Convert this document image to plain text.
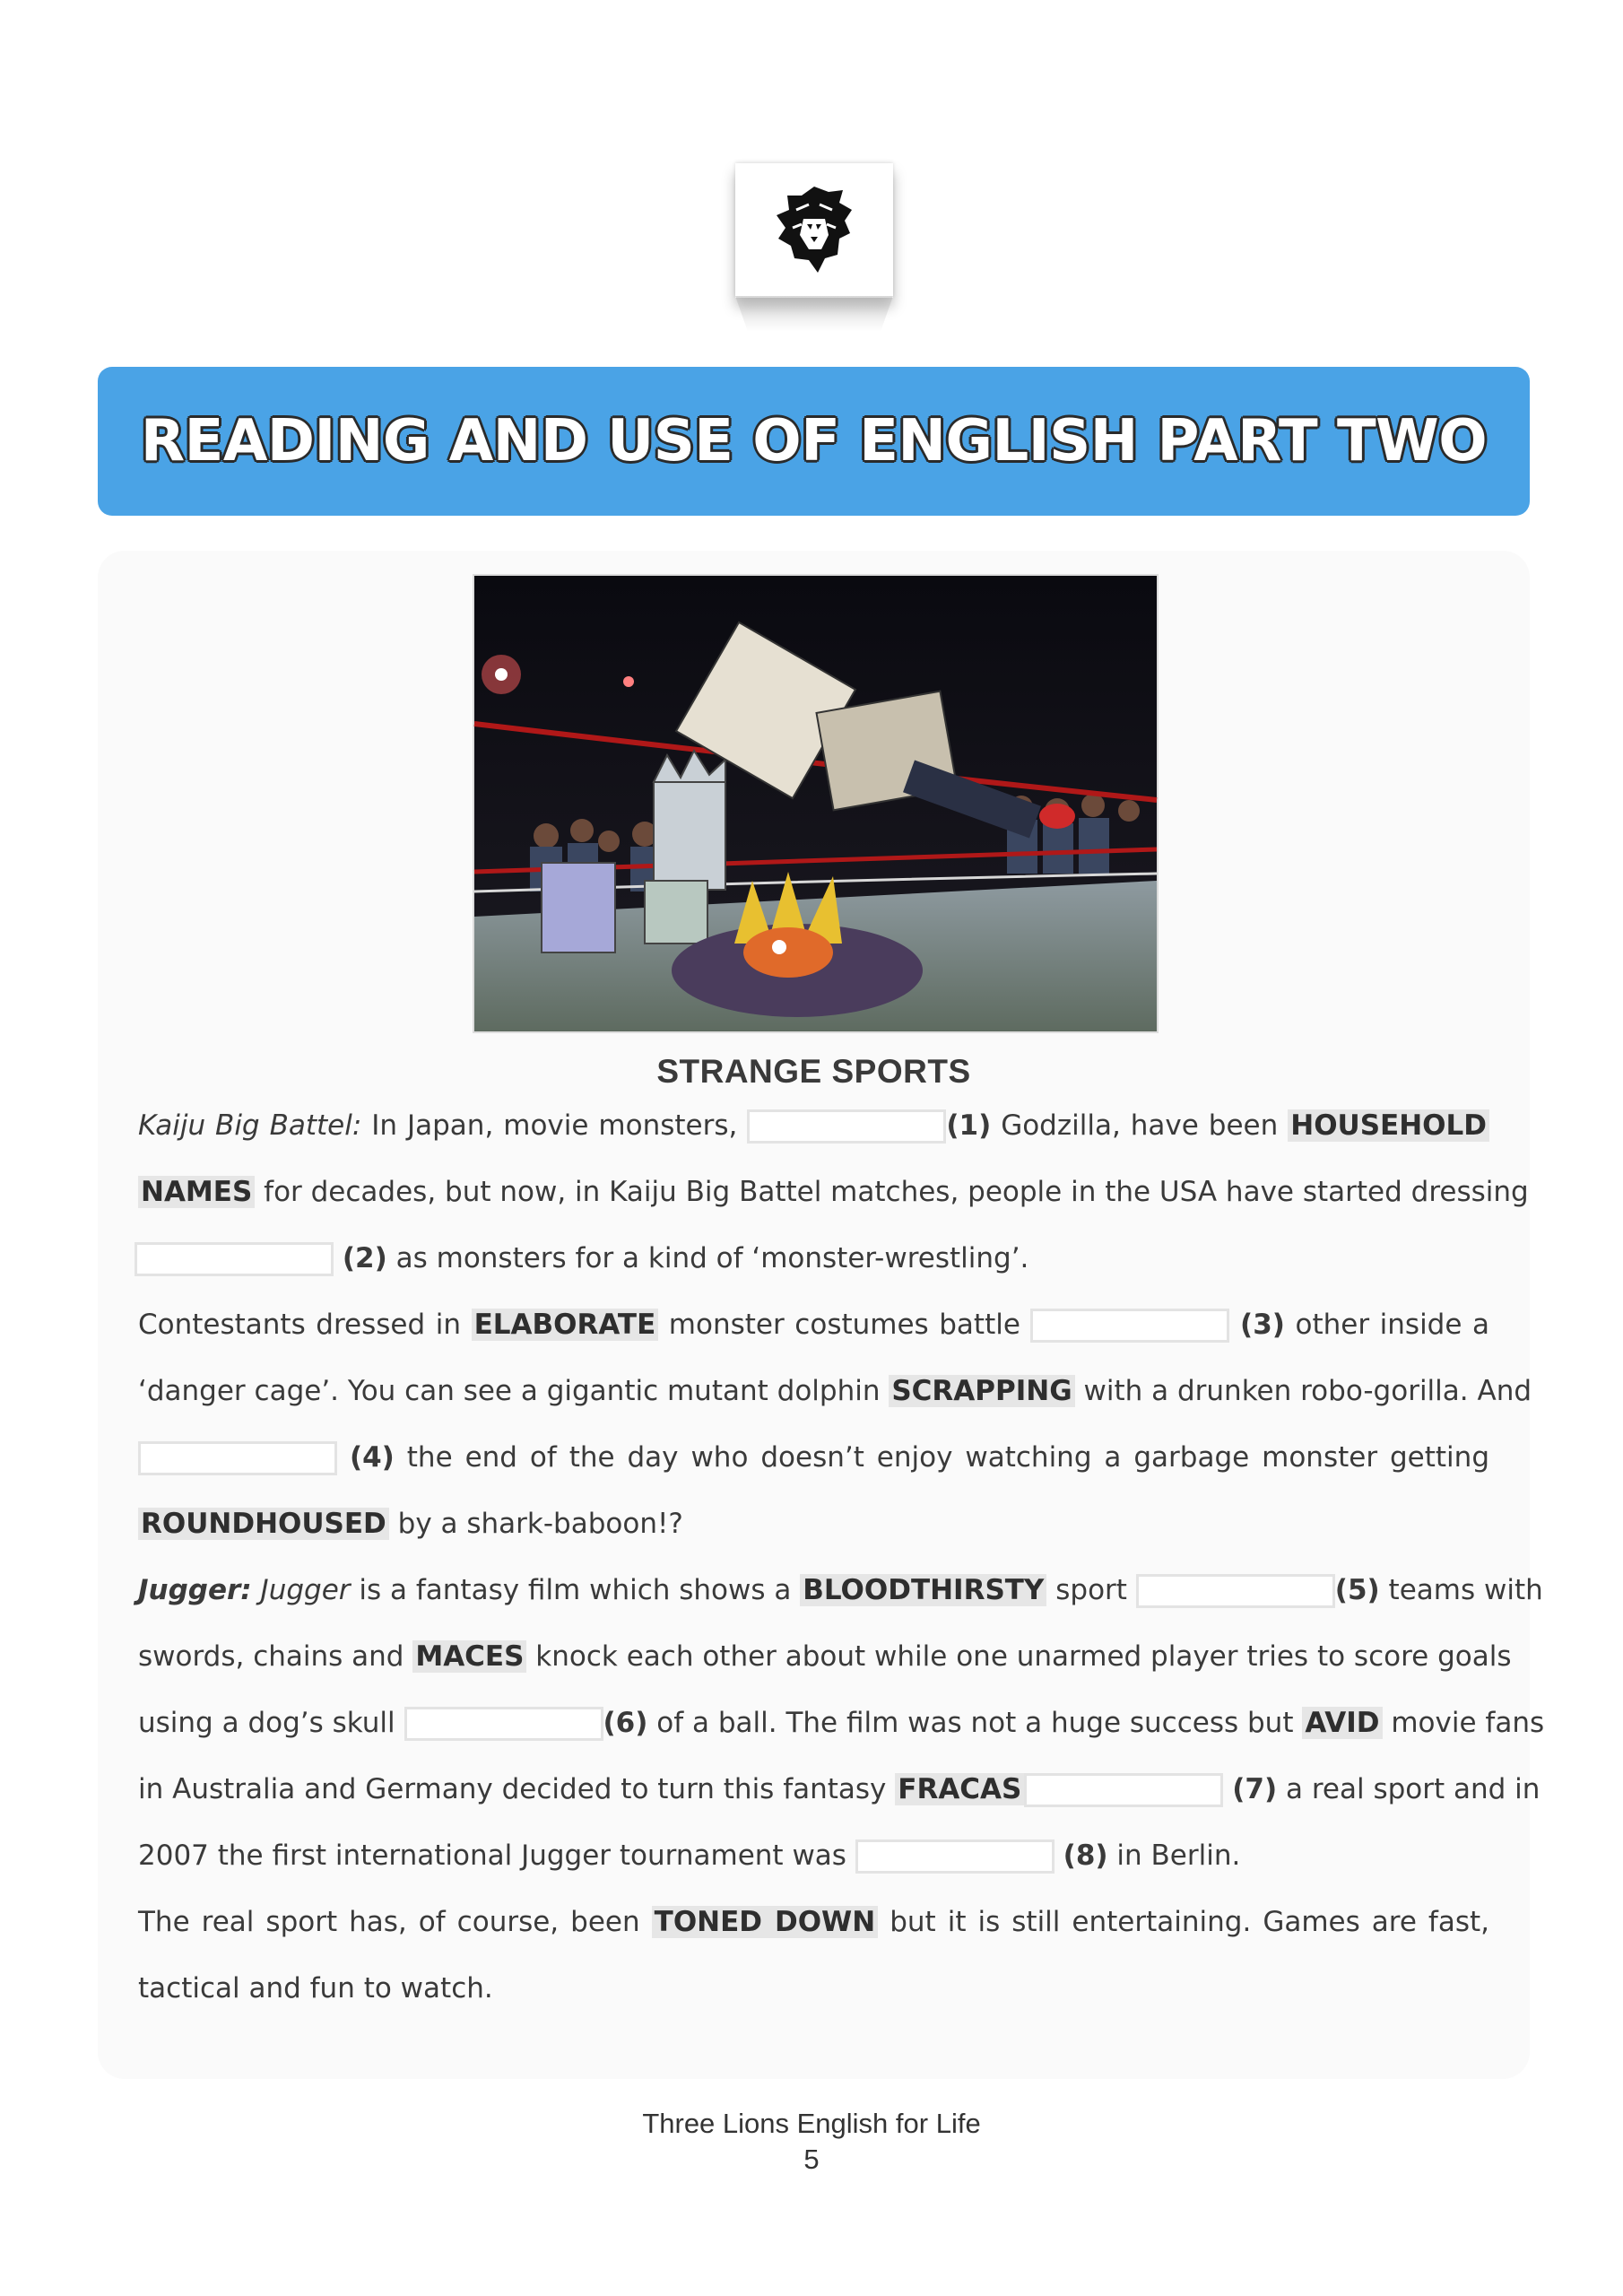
READING AND USE OF ENGLISH PART TWO
STRANGE SPORTS
Kaiju Big Battel: In Japan, movie monsters,	(1) Godzilla, have been HOUSEHOLD
NAMES for decades, but now, in Kaiju Big Battel matches, people in the USA have started dressing
(2) as monsters for a kind of ‘monster-wrestling’.
Contestants dressed in ELABORATE monster costumes battle	(3) other inside a
‘danger cage’. You can see a gigantic mutant dolphin SCRAPPING with a drunken robo-gorilla. And
(4) the end of the day who doesn’t enjoy watching a garbage monster getting
ROUNDHOUSED by a shark-baboon!?
Jugger: Jugger is a fantasy film which shows a BLOODTHIRSTY sport	(5) teams with
swords, chains and MACES knock each other about while one unarmed player tries to score goals
using a dog’s skull	(6) of a ball. The film was not a huge success but AVID movie fans
in Australia and Germany decided to turn this fantasy FRACAS	(7) a real sport and in
2007 the first international Jugger tournament was	(8) in Berlin.
The real sport has, of course, been TONED DOWN but it is still entertaining. Games are fast,
tactical and fun to watch.
Three Lions English for Life
5
